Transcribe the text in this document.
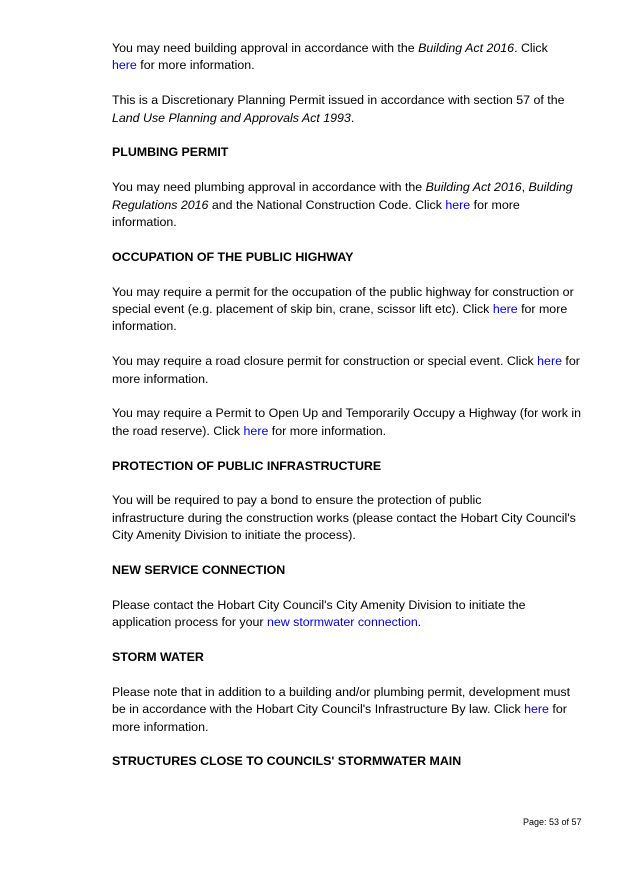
You may need building approval in accordance with the Building Act 2016. Click
here for more information.

This is a Discretionary Planning Permit issued in accordance with section 57 of the Land Use Planning and Approvals Act 1993.

PLUMBING PERMIT

You may need plumbing approval in accordance with the Building Act 2016, Building Regulations 2016 and the National Construction Code. Click here for more information.

OCCUPATION OF THE PUBLIC HIGHWAY

You may require a permit for the occupation of the public highway for construction or special event (e.g. placement of skip bin, crane, scissor lift etc). Click here for more information.

You may require a road closure permit for construction or special event. Click here for more information.

You may require a Permit to Open Up and Temporarily Occupy a Highway (for work in the road reserve). Click here for more information.

PROTECTION OF PUBLIC INFRASTRUCTURE

You will be required to pay a bond to ensure the protection of public
infrastructure during the construction works (please contact the Hobart City Council's City Amenity Division to initiate the process).

NEW SERVICE CONNECTION

Please contact the Hobart City Council's City Amenity Division to initiate the application process for your new stormwater connection.

STORM WATER

Please note that in addition to a building and/or plumbing permit, development must be in accordance with the Hobart City Council's Infrastructure By law. Click here for more information.

STRUCTURES CLOSE TO COUNCILS' STORMWATER MAIN
Page: 53 of 57
